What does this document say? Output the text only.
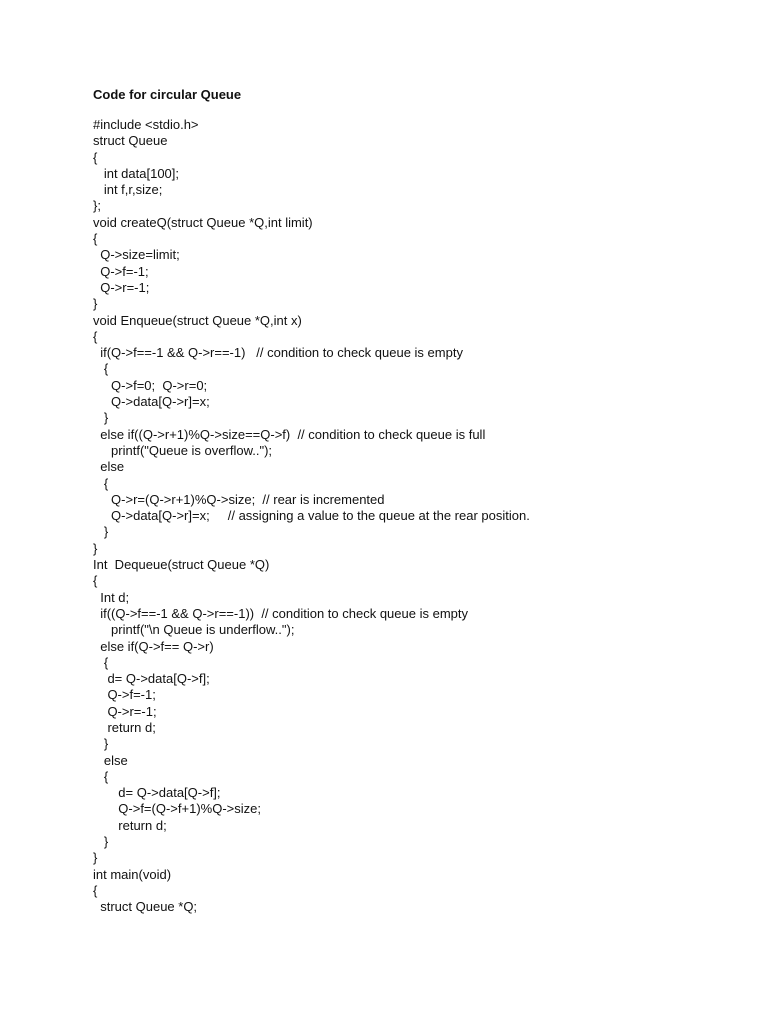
Code for circular Queue
#include <stdio.h>
struct Queue
{
int data[100];
int f,r,size;
};
void createQ(struct Queue *Q,int limit)
{
Q->size=limit;
Q->f=-1;
Q->r=-1;
}
void Enqueue(struct Queue *Q,int x)
{
if(Q->f==-1 && Q->r==-1)   // condition to check queue is empty
{
Q->f=0;  Q->r=0;
Q->data[Q->r]=x;
}
else if((Q->r+1)%Q->size==Q->f)  // condition to check queue is full
printf("Queue is overflow..");
else
{
Q->r=(Q->r+1)%Q->size;  // rear is incremented
Q->data[Q->r]=x;     // assigning a value to the queue at the rear position.
}
}
Int  Dequeue(struct Queue *Q)
{
Int d;
if((Q->f==-1 && Q->r==-1))  // condition to check queue is empty
printf("\n Queue is underflow..");
else if(Q->f== Q->r)
{
d= Q->data[Q->f];
Q->f=-1;
Q->r=-1;
return d;
}
else
{
d= Q->data[Q->f];
Q->f=(Q->f+1)%Q->size;
return d;
}
}
int main(void)
{
struct Queue *Q;
